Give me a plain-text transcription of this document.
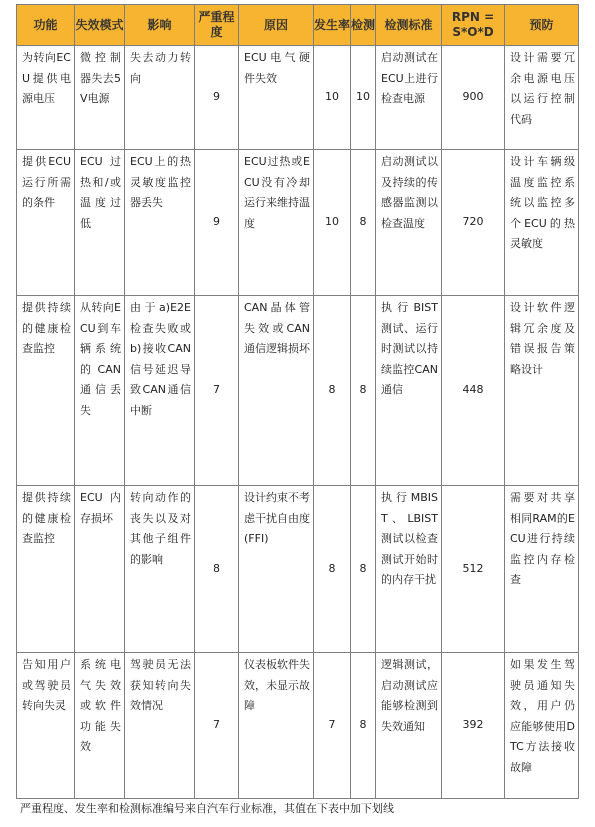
功能	失效模式	影响	严重程度	原因	发生率	检测	检测标准	RPN = S*O*D	预防
为转向ECU提供电源电压	微控制器失去5V电源	失去动力转向	9	ECU电气硬件失效	10	10	启动测试在ECU上进行检查电源	900	设计需要冗余电源电压以运行控制代码
提供ECU运行所需的条件	ECU过热和/或温度过低	ECU上的热灵敏度监控器丢失	9	ECU过热或ECU没有冷却运行来维持温度	10	8	启动测试以及持续的传感器监测以检查温度	720	设计车辆级温度监控系统以监控多个ECU的热灵敏度
提供持续的健康检查监控	从转向ECU到车辆系统的CAN通信丢失	由于a)E2E检查失败或b)接收CAN信号延迟导致CAN通信中断	7	CAN晶体管失效或CAN通信逻辑损坏	8	8	执行BIST测试、运行时测试以持续监控CAN通信	448	设计软件逻辑冗余度及错误报告策略设计
提供持续的健康检查监控	ECU内存损坏	转向动作的丧失以及对其他子组件的影响	8	设计约束不考虑干扰自由度(FFI)	8	8	执行MBIST、LBIST测试以检查测试开始时的内存干扰	512	需要对共享相同RAM的ECU进行持续监控内存检查
告知用户或驾驶员转向失灵	系统电气失效或软件功能失效	驾驶员无法获知转向失效情况	7	仪表板软件失效，未显示故障	7	8	逻辑测试，启动测试应能够检测到失效通知	392	如果发生驾驶员通知失效，用户仍应能够使用DTC方法接收故障
严重程度、发生率和检测标准编号来自汽车行业标准，其值在下表中加下划线
